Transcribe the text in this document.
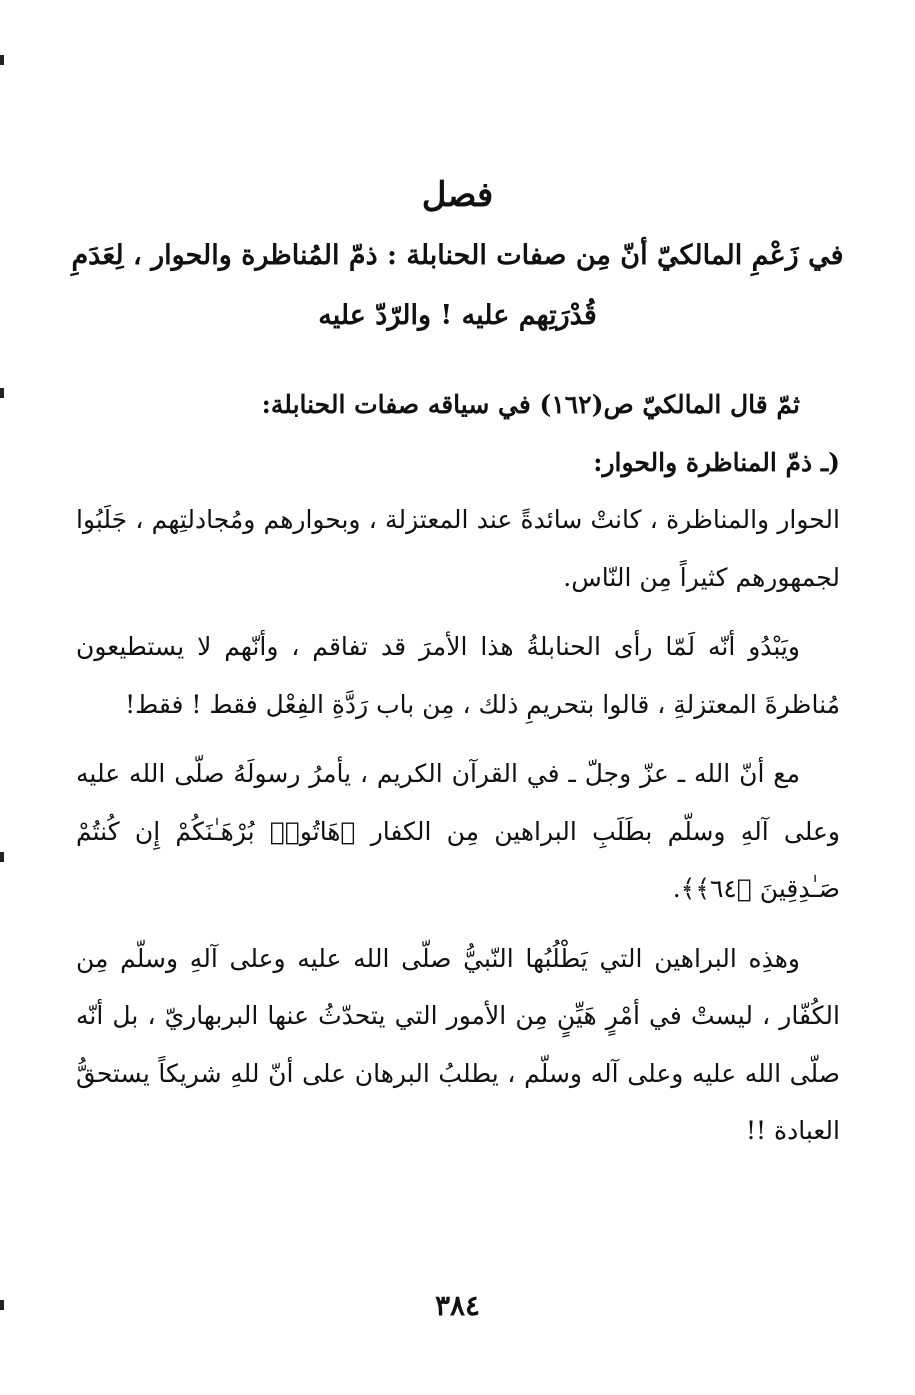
فصل
في زَعْمِ المالكيّ أنّ مِن صفات الحنابلة : ذمّ المُناظرة والحوار ، لِعَدَمِ قُدْرَتِهم عليه ! والرّدّ عليه

ثمّ قال المالكيّ ص(١٦٢) في سياقه صفات الحنابلة:

(ـ ذمّ المناظرة والحوار:

الحوار والمناظرة ، كانتْ سائدةً عند المعتزلة ، وبحوارهم ومُجادلتِهم ، جَلَبُوا لجمهورهم كثيراً مِن النّاس.

ويَبْدُو أنّه لَمّا رأى الحنابلةُ هذا الأمرَ قد تفاقم ، وأنّهم لا يستطيعون مُناظرةَ المعتزلةِ ، قالوا بتحريمِ ذلك ، مِن باب رَدَّةِ الفِعْل فقط ! فقط!

مع أنّ الله ـ عزّ وجلّ ـ في القرآن الكريم ، يأمرُ رسولَهُ صلّى الله عليه وعلى آلهِ وسلّم بطَلَبِ البراهين مِن الكفار ﴿هَاتُوا۟ بُرْهَـٰنَكُمْ إِن كُنتُمْ صَـٰدِقِينَ ﴿٦٤﴾﴾.

وهذِه البراهين التي يَطْلُبُها النّبيُّ صلّى الله عليه وعلى آلهِ وسلّم مِن الكُفّار ، ليستْ في أمْرٍ هَيِّنٍ مِن الأمور التي يتحدّثُ عنها البربهاريّ ، بل أنّه صلّى الله عليه وعلى آله وسلّم ، يطلبُ البرهان على أنّ للهِ شريكاً يستحقُّ العبادة !!

٣٨٤
